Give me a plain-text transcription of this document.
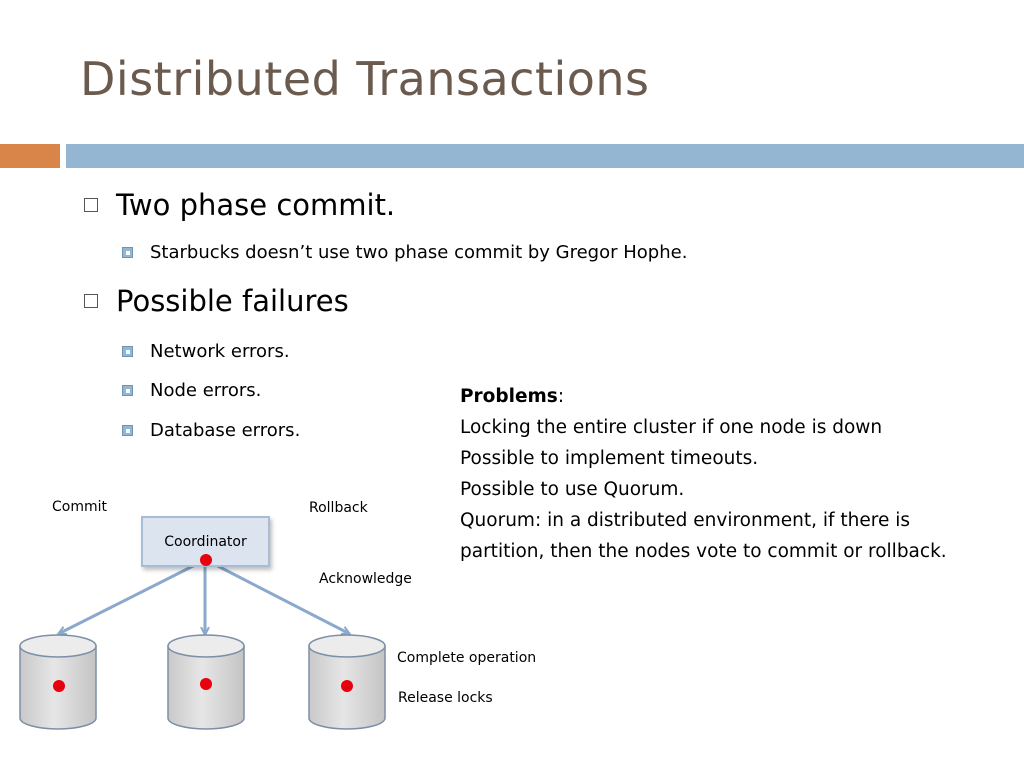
Distributed Transactions
Two phase commit.
Starbucks doesn’t use two phase commit by Gregor Hophe.
Possible failures
Network errors.
Node errors.
Database errors.
Problems:
Locking the entire cluster if one node is down
Possible to implement timeouts.
Possible to use Quorum.
Quorum: in a distributed environment, if there is
partition, then the nodes vote to commit or rollback.
Coordinator
Commit	Rollback
Acknowledge
Complete operation
Release locks
